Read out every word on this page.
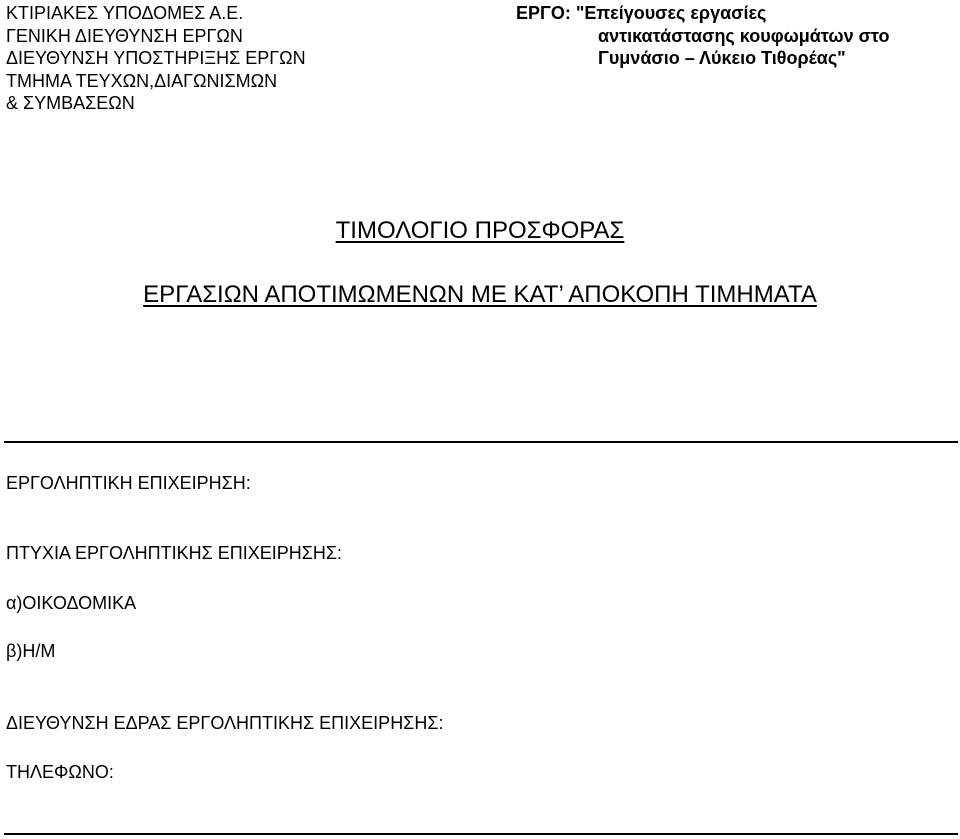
ΚΤΙΡΙΑΚΕΣ ΥΠΟΔΟΜΕΣ Α.Ε.
ΓΕΝΙΚΗ ΔΙΕΥΘΥΝΣΗ ΕΡΓΩΝ
ΔΙΕΥΘΥΝΣΗ ΥΠΟΣΤΗΡΙΞΗΣ ΕΡΓΩΝ
ΤΜΗΜΑ ΤΕΥΧΩΝ,ΔΙΑΓΩΝΙΣΜΩΝ
& ΣΥΜΒΑΣΕΩΝ
ΕΡΓΟ: "Επείγουσες εργασίες
αντικατάστασης κουφωμάτων στο
Γυμνάσιο – Λύκειο Τιθορέας"
ΤΙΜΟΛΟΓΙΟ ΠΡΟΣΦΟΡΑΣ
ΕΡΓΑΣΙΩΝ ΑΠΟΤΙΜΩΜΕΝΩΝ ΜΕ ΚΑΤ’ ΑΠΟΚΟΠΗ ΤΙΜΗΜΑΤΑ
ΕΡΓΟΛΗΠΤΙΚΗ ΕΠΙΧΕΙΡΗΣΗ:
ΠΤΥΧΙΑ ΕΡΓΟΛΗΠΤΙΚΗΣ ΕΠΙΧΕΙΡΗΣΗΣ:
α)ΟΙΚΟΔΟΜΙΚΑ
β)Η/Μ
ΔΙΕΥΘΥΝΣΗ ΕΔΡΑΣ ΕΡΓΟΛΗΠΤΙΚΗΣ ΕΠΙΧΕΙΡΗΣΗΣ:
ΤΗΛΕΦΩΝΟ:
